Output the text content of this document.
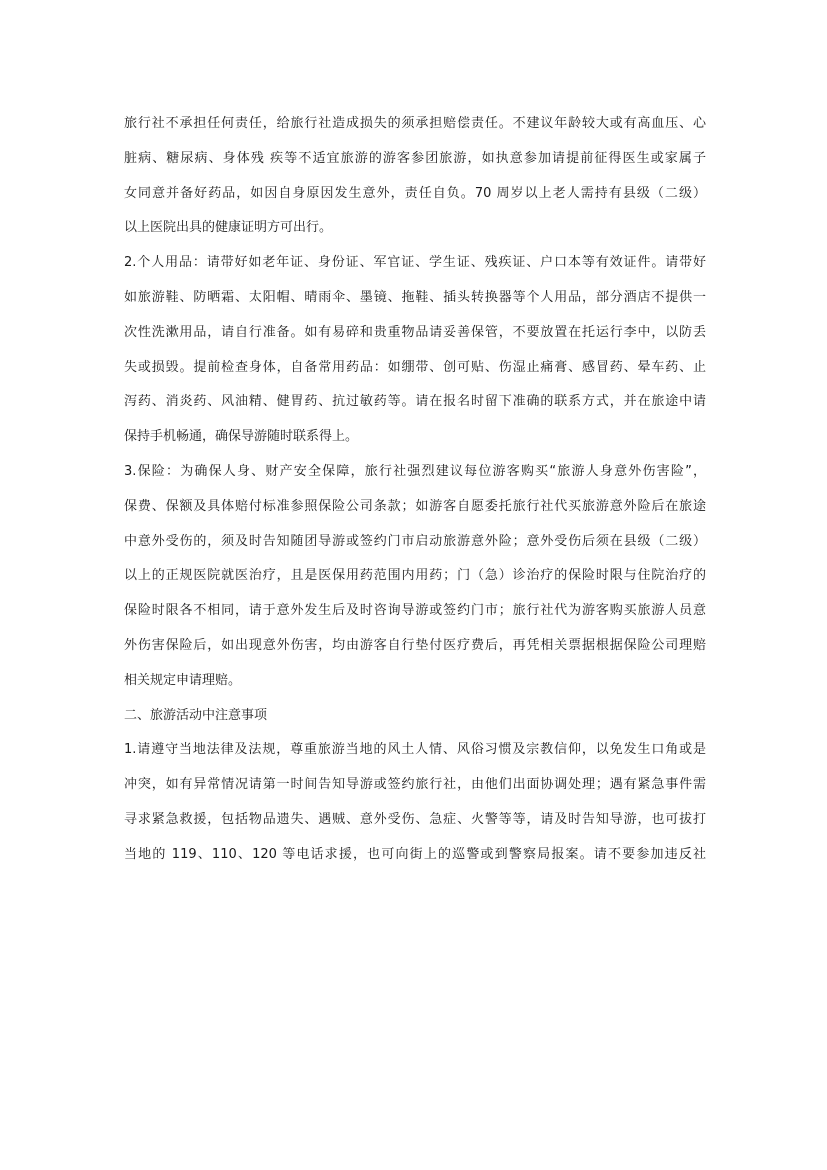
旅行社不承担任何责任，给旅行社造成损失的须承担赔偿责任。不建议年龄较大或有高血压、心
脏病、糖尿病、身体残 疾等不适宜旅游的游客参团旅游，如执意参加请提前征得医生或家属子
女同意并备好药品，如因自身原因发生意外，责任自负。70 周岁以上老人需持有县级（二级）
以上医院出具的健康证明方可出行。
2.个人用品：请带好如老年证、身份证、军官证、学生证、残疾证、户口本等有效证件。请带好
如旅游鞋、防晒霜、太阳帽、晴雨伞、墨镜、拖鞋、插头转换器等个人用品，部分酒店不提供一
次性洗漱用品，请自行准备。如有易碎和贵重物品请妥善保管，不要放置在托运行李中，以防丢
失或损毁。提前检查身体，自备常用药品：如绷带、创可贴、伤湿止痛膏、感冒药、晕车药、止
泻药、消炎药、风油精、健胃药、抗过敏药等。请在报名时留下准确的联系方式，并在旅途中请
保持手机畅通，确保导游随时联系得上。
3.保险：为确保人身、财产安全保障，旅行社强烈建议每位游客购买“旅游人身意外伤害险”，
保费、保额及具体赔付标准参照保险公司条款；如游客自愿委托旅行社代买旅游意外险后在旅途
中意外受伤的，须及时告知随团导游或签约门市启动旅游意外险；意外受伤后须在县级（二级）
以上的正规医院就医治疗，且是医保用药范围内用药；门（急）诊治疗的保险时限与住院治疗的
保险时限各不相同，请于意外发生后及时咨询导游或签约门市；旅行社代为游客购买旅游人员意
外伤害保险后，如出现意外伤害，均由游客自行垫付医疗费后，再凭相关票据根据保险公司理赔
相关规定申请理赔。
二、旅游活动中注意事项
1.请遵守当地法律及法规，尊重旅游当地的风土人情、风俗习惯及宗教信仰，以免发生口角或是
冲突，如有异常情况请第一时间告知导游或签约旅行社，由他们出面协调处理；遇有紧急事件需
寻求紧急救援，包括物品遗失、遇贼、意外受伤、急症、火警等等，请及时告知导游，也可拔打
当地的 119、110、120 等电话求援，也可向街上的巡警或到警察局报案。请不要参加违反社
